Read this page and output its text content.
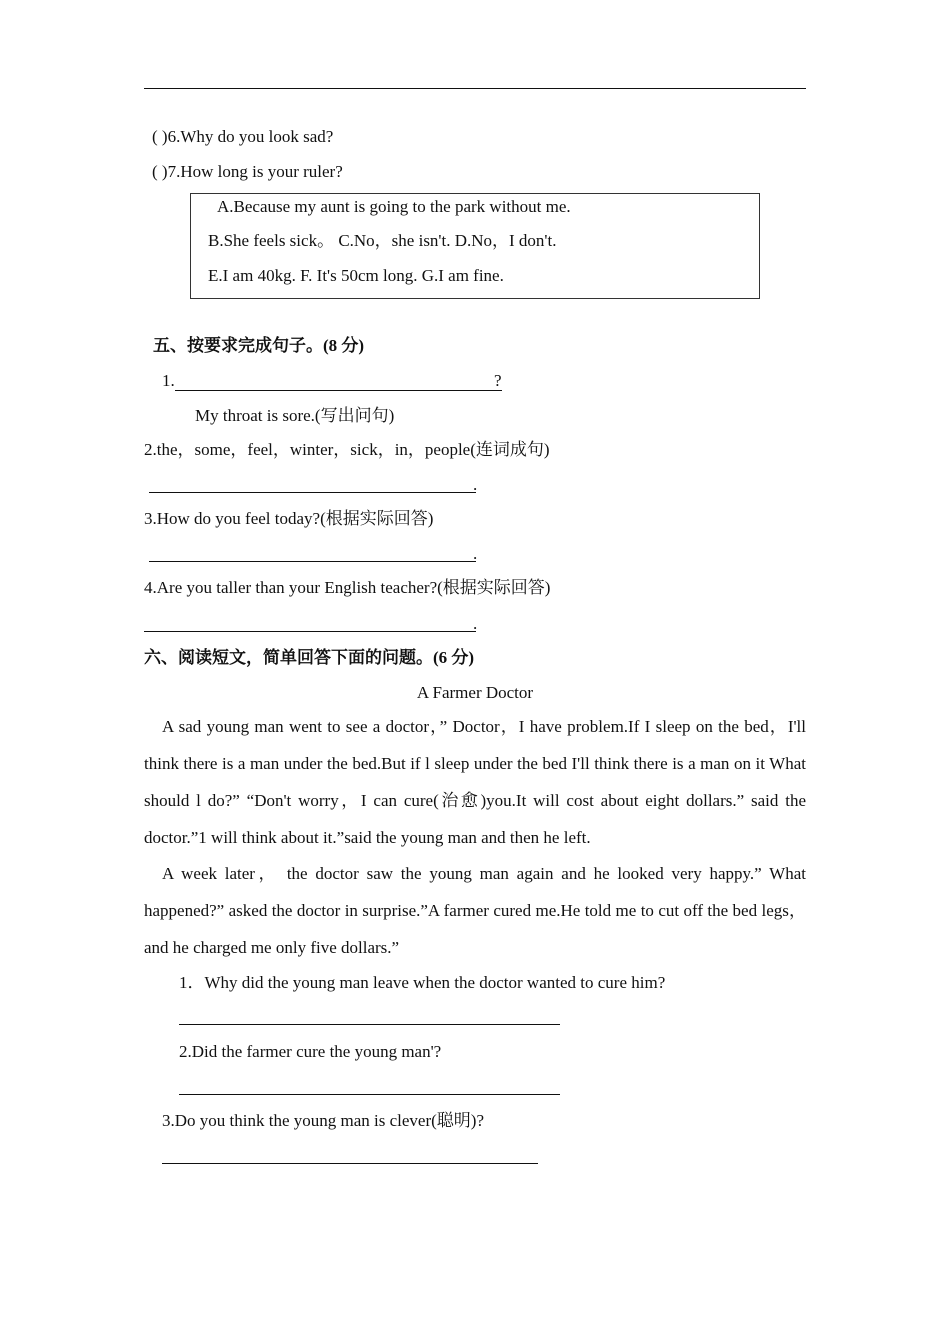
( )6.Why do you look sad?
( )7.How long is your ruler?
A.Because my aunt is going to the park without me.
B.She feels sick。 C.No，she isn't. D.No，I don't.
E.I am 40kg. F. It's 50cm long. G.I am fine.
五、按要求完成句子。(8 分)
1.	?
My throat is sore.(写出问句)
2.the，some，feel，winter，sick，in，people(连词成句)
.
3.How do you feel today?(根据实际回答)
.
4.Are you taller than your English teacher?(根据实际回答)
.
六、阅读短文，简单回答下面的问题。(6 分)
A Farmer Doctor
A sad young man went to see a doctor，” Doctor，I have problem.If I sleep on the bed，I'll think there is a man under the bed.But if l sleep under the bed I'll think there is a man on it What should l do?” “Don't worry，I can cure(治愈)you.It will cost about eight dollars.” said the doctor.”1 will think about it.”said the young man and then he left.
A week later， the doctor saw the young man again and he looked very happy.” What happened?” asked the doctor in surprise.”A farmer cured me.He told me to cut off the bed legs，and he charged me only five dollars.”
1．Why did the young man leave when the doctor wanted to cure him?
2.Did the farmer cure the young man'?
3.Do you think the young man is clever(聪明)?
